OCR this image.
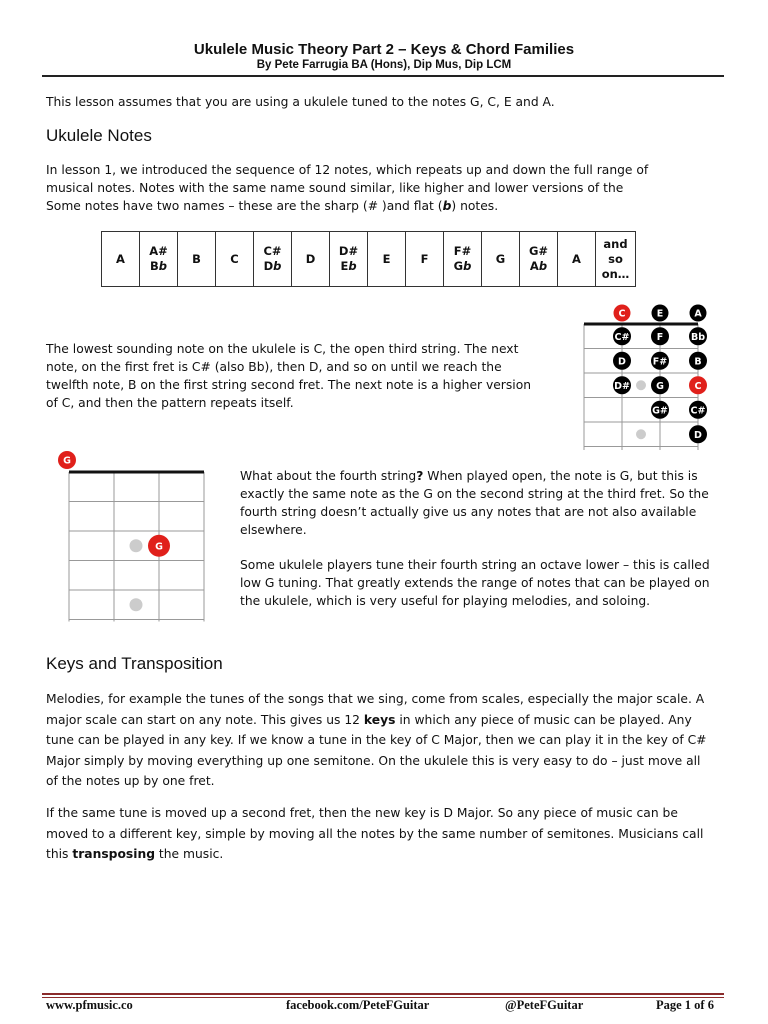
Ukulele Music Theory Part 2 – Keys & Chord Families
By Pete Farrugia BA (Hons), Dip Mus, Dip LCM
This lesson assumes that you are using a ukulele tuned to the notes G, C, E and A.
Ukulele Notes
In lesson 1, we introduced the sequence of 12 notes, which repeats up and down the full range of
musical notes. Notes with the same name sound similar, like higher and lower versions of the
Some notes have two names – these are the sharp (# )and flat (b) notes.
A

A#
Bb

B	C

C#
Db

D

D#
Eb

E	F

F#
Gb

G

G#
Ab

A

and
so
on…
The lowest sounding note on the ukulele is C, the open third string. The next
note, on the first fret is C# (also Bb), then D, and so on until we reach the
twelfth note, B on the first string second fret. The next note is a higher version
of C, and then the pattern repeats itself.
C	E	A
C#	F	Bb
D	F#	B
D#	G	C
G# C#
D
G
G
What about the fourth string? When played open, the note is G, but this is
exactly the same note as the G on the second string at the third fret. So the
fourth string doesn’t actually give us any notes that are not also available
elsewhere.
Some ukulele players tune their fourth string an octave lower – this is called
low G tuning. That greatly extends the range of notes that can be played on
the ukulele, which is very useful for playing melodies, and soloing.
Keys and Transposition
Melodies, for example the tunes of the songs that we sing, come from scales, especially the major scale. A
major scale can start on any note. This gives us 12 keys in which any piece of music can be played. Any
tune can be played in any key. If we know a tune in the key of C Major, then we can play it in the key of C#
Major simply by moving everything up one semitone. On the ukulele this is very easy to do – just move all
of the notes up by one fret.
If the same tune is moved up a second fret, then the new key is D Major. So any piece of music can be
moved to a different key, simple by moving all the notes by the same number of semitones. Musicians call
this transposing the music.
www.pfmusic.co	facebook.com/PeteFGuitar	@PeteFGuitar	Page 1 of 6
